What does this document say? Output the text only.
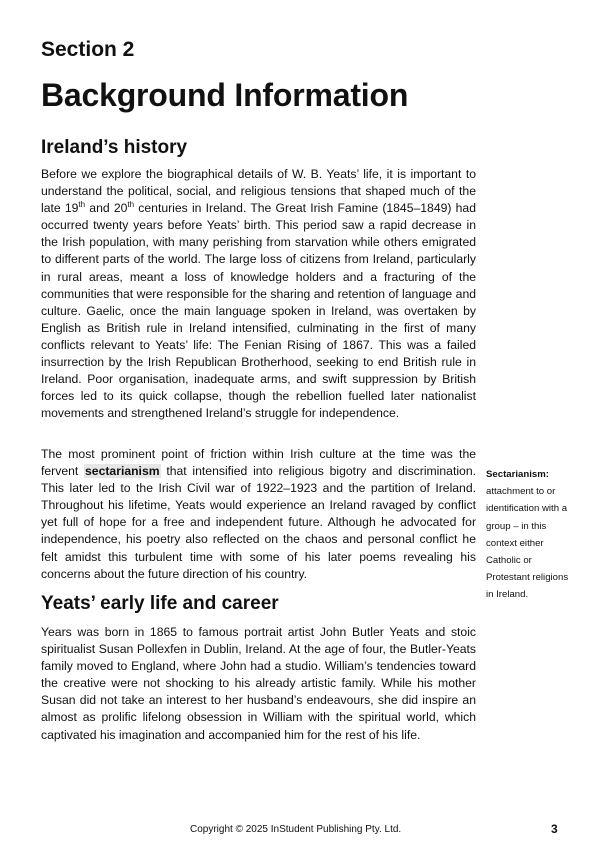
Section 2
Background Information
Ireland’s history

Before we explore the biographical details of W. B. Yeats’ life, it is important to understand the political, social, and religious tensions that shaped much of the late 19th and 20th centuries in Ireland. The Great Irish Famine (1845–1849) had occurred twenty years before Yeats’ birth. This period saw a rapid decrease in the Irish population, with many perishing from starvation while others emigrated to different parts of the world. The large loss of citizens from Ireland, particularly in rural areas, meant a loss of knowledge holders and a fracturing of the communities that were responsible for the sharing and retention of language and culture. Gaelic, once the main language spoken in Ireland, was overtaken by English as British rule in Ireland intensified, culminating in the first of many conflicts relevant to Yeats’ life: The Fenian Rising of 1867. This was a failed insurrection by the Irish Republican Brotherhood, seeking to end British rule in Ireland. Poor organisation, inadequate arms, and swift suppression by British forces led to its quick collapse, though the rebellion fuelled later nationalist movements and strengthened Ireland’s struggle for independence.

The most prominent point of friction within Irish culture at the time was the fervent sectarianism that intensified into religious bigotry and discrimination. This later led to the Irish Civil war of 1922–1923 and the partition of Ireland. Throughout his lifetime, Yeats would experience an Ireland ravaged by conflict yet full of hope for a free and independent future. Although he advocated for independence, his poetry also reflected on the chaos and personal conflict he felt amidst this turbulent time with some of his later poems revealing his concerns about the future direction of his country.

Sectarianism:
attachment to or identification with a group – in this context either Catholic or Protestant religions in Ireland.
Yeats’ early life and career

Years was born in 1865 to famous portrait artist John Butler Yeats and stoic spiritualist Susan Pollexfen in Dublin, Ireland. At the age of four, the Butler-Yeats family moved to England, where John had a studio. William’s tendencies toward the creative were not shocking to his already artistic family. While his mother Susan did not take an interest to her husband’s endeavours, she did inspire an almost as prolific lifelong obsession in William with the spiritual world, which captivated his imagination and accompanied him for the rest of his life.

Copyright © 2025 InStudent Publishing Pty. Ltd.	3
